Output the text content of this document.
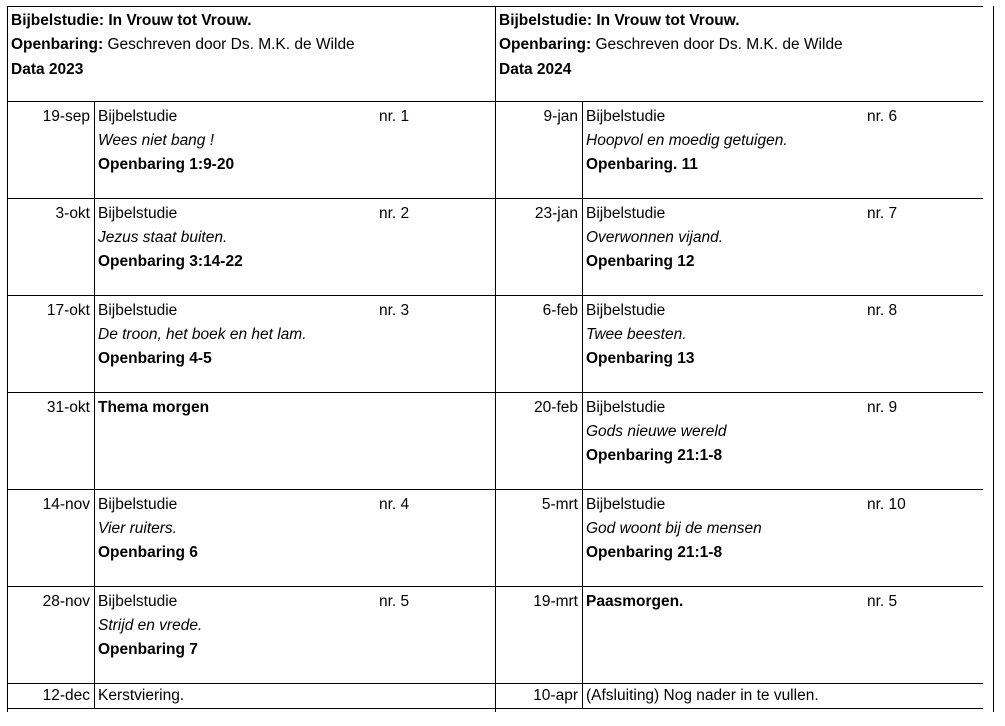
Bijbelstudie: In Vrouw tot Vrouw.
Openbaring: Geschreven door Ds. M.K. de Wilde
Data 2023
19-sep Bijbelstudie
Wees niet bang !
Openbaring 1:9-20
nr. 1
3-okt Bijbelstudie
Jezus staat buiten.
Openbaring 3:14-22
nr. 2
17-okt Bijbelstudie
De troon, het boek en het lam.
Openbaring 4-5
nr. 3
31-okt Thema morgen
14-nov Bijbelstudie
Vier ruiters.
Openbaring 6
nr. 4
28-nov Bijbelstudie
Strijd en vrede.
Openbaring 7
nr. 5
12-dec Kerstviering.
Bijbelstudie: In Vrouw tot Vrouw.
Openbaring: Geschreven door Ds. M.K. de Wilde
Data 2024
9-jan Bijbelstudie
Hoopvol en moedig getuigen.
Openbaring. 11
nr. 6
23-jan Bijbelstudie
Overwonnen vijand.
Openbaring 12
nr. 7
6-feb Bijbelstudie
Twee beesten.
Openbaring 13
nr. 8
20-feb Bijbelstudie
Gods nieuwe wereld
Openbaring 21:1-8
nr. 9
5-mrt Bijbelstudie
God woont bij de mensen
Openbaring 21:1-8
nr. 10
19-mrt Paasmorgen.	nr. 5
10-apr (Afsluiting) Nog nader in te vullen.
